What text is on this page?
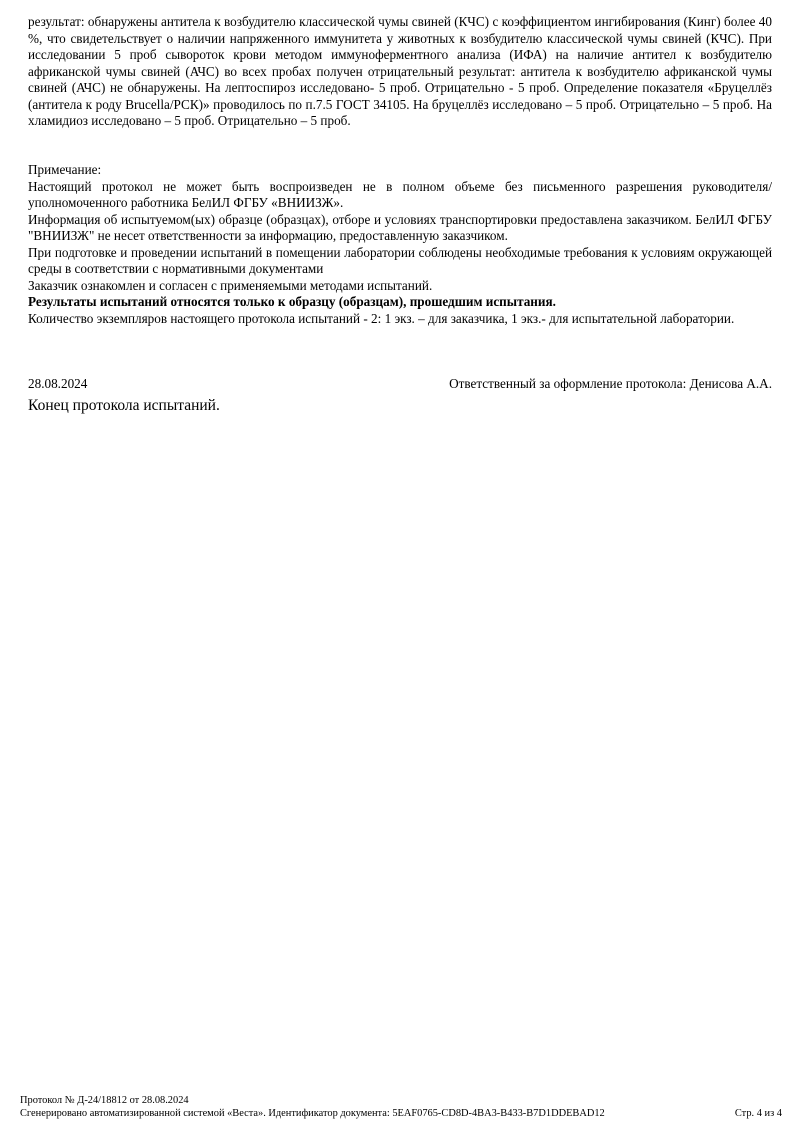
результат: обнаружены антитела к возбудителю классической чумы свиней (КЧС) с коэффициентом ингибирования (Кинг) более 40 %, что свидетельствует о наличии напряженного иммунитета у животных к возбудителю классической чумы свиней (КЧС). При исследовании 5 проб сывороток крови методом иммуноферментного анализа (ИФА) на наличие антител к возбудителю африканской чумы свиней (АЧС) во всех пробах получен отрицательный результат: антитела к возбудителю африканской чумы свиней (АЧС) не обнаружены. На лептоспироз исследовано- 5 проб. Отрицательно - 5 проб. Определение показателя «Бруцеллёз (антитела к роду Brucella/РСК)» проводилось по п.7.5 ГОСТ 34105. На бруцеллёз исследовано – 5 проб. Отрицательно – 5 проб. На хламидиоз исследовано – 5 проб. Отрицательно – 5 проб.

Примечание:

Настоящий протокол не может быть воспроизведен не в полном объеме без письменного разрешения руководителя/уполномоченного работника БелИЛ ФГБУ «ВНИИЗЖ».

Информация об испытуемом(ых) образце (образцах), отборе и условиях транспортировки предоставлена заказчиком. БелИЛ ФГБУ "ВНИИЗЖ" не несет ответственности за информацию, предоставленную заказчиком.

При подготовке и проведении испытаний в помещении лаборатории соблюдены необходимые требования к условиям окружающей среды в соответствии с нормативными документами

Заказчик ознакомлен и согласен с применяемыми методами испытаний.

Результаты испытаний относятся только к образцу (образцам), прошедшим испытания.

Количество экземпляров настоящего протокола испытаний - 2: 1 экз. – для заказчика, 1 экз.- для испытательной лаборатории.

28.08.2024	Ответственный за оформление протокола: Денисова А.А.
Конец протокола испытаний.
Протокол № Д-24/18812 от 28.08.2024
Сгенерировано автоматизированной системой «Веста». Идентификатор документа: 5EAF0765-CD8D-4BA3-B433-B7D1DDEBAD12	Стр. 4 из 4
